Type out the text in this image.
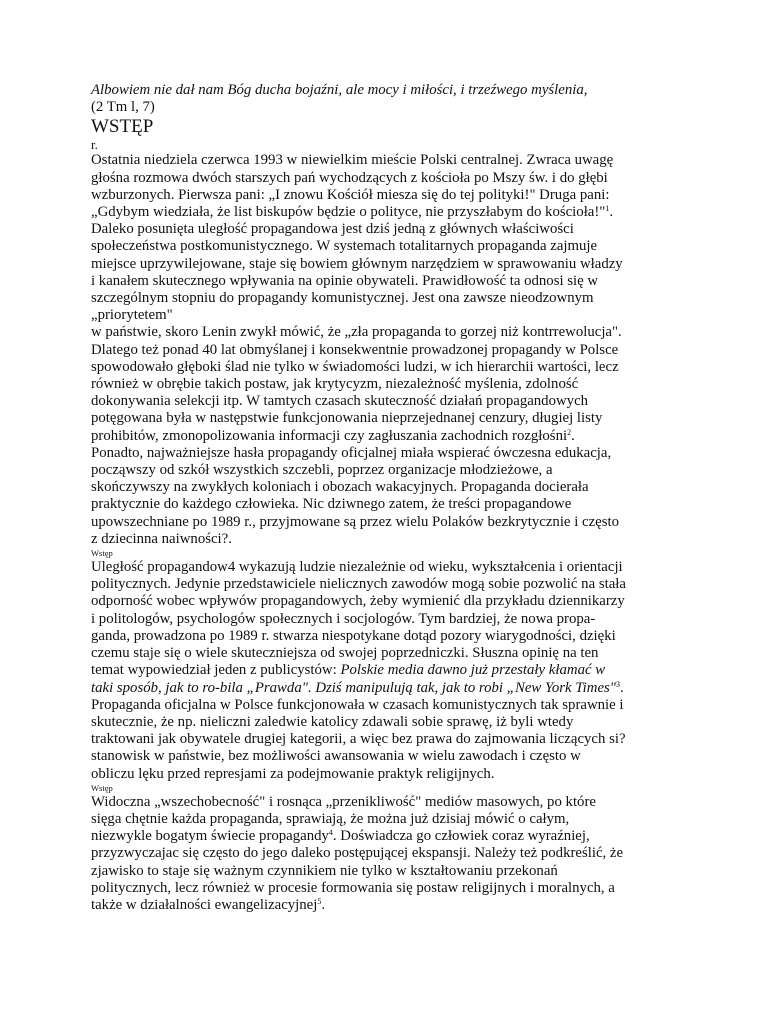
Albowiem nie dał nam Bóg ducha bojaźni, ale mocy i miłości, i trzeźwego myślenia,
(2 Tm l, 7)
WSTĘP
r.
Ostatnia niedziela czerwca 1993 w niewielkim mieście Polski centralnej. Zwraca uwagę
głośna rozmowa dwóch starszych pań wychodzących z kościoła po Mszy św. i do głębi
wzburzonych. Pierwsza pani: „I znowu Kościół miesza się do tej polityki!" Druga pani:
„Gdybym wiedziała, że list biskupów będzie o polityce, nie przyszłabym do kościoła!"$^1$.
Daleko posunięta uległość propagandowa jest dziś jedną z głównych właściwości
społeczeństwa postkomunistycznego. W systemach totalitarnych propaganda zajmuje
miejsce uprzywilejowane, staje się bowiem głównym narzędziem w sprawowaniu władzy
i kanałem skutecznego wpływania na opinie obywateli. Prawidłowość ta odnosi się w
szczególnym stopniu do propagandy komunistycznej. Jest ona zawsze nieodzownym
„priorytetem"
w państwie, skoro Lenin zwykł mówić, że „zła propaganda to gorzej niż kontrrewolucja".
Dlatego też ponad 40 lat obmyślanej i konsekwentnie prowadzonej propagandy w Polsce
spowodowało głęboki ślad nie tylko w świadomości ludzi, w ich hierarchii wartości, lecz
również w obrębie takich postaw, jak krytycyzm, niezależność myślenia, zdolność
dokonywania selekcji itp. W tamtych czasach skuteczność działań propagandowych
potęgowana była w następstwie funkcjonowania nieprzejednanej cenzury, długiej listy
prohibitów, zmonopolizowania informacji czy zagłuszania zachodnich rozgłośni$^2$.
Ponadto, najważniejsze hasła propagandy oficjalnej miała wspierać ówczesna edukacja,
począwszy od szkół wszystkich szczebli, poprzez organizacje młodzieżowe, a
skończywszy na zwykłych koloniach i obozach wakacyjnych. Propaganda docierała
praktycznie do każdego człowieka. Nic dziwnego zatem, że treści propagandowe
upowszechniane po 1989 r., przyjmowane są przez wielu Polaków bezkrytycznie i często
z dziecinna naiwności?.
Wstęp
Uległość propagandow4 wykazują ludzie niezależnie od wieku, wykształcenia i orientacji
politycznych. Jedynie przedstawiciele nielicznych zawodów mogą sobie pozwolić na stała
odporność wobec wpływów propagandowych, żeby wymienić dla przykładu dziennikarzy
i politologów, psychologów społecznych i socjologów. Tym bardziej, że nowa propa-
ganda, prowadzona po 1989 r. stwarza niespotykane dotąd pozory wiarygodności, dzięki
czemu staje się o wiele skuteczniejsza od swojej poprzedniczki. Słuszna opinię na ten
temat wypowiedział jeden z publicystów: Polskie media dawno już przestały kłamać w
taki sposób, jak to ro-bila „Prawda". Dziś manipulują tak, jak to robi „New York Times"$^3$.
Propaganda oficjalna w Polsce funkcjonowała w czasach komunistycznych tak sprawnie i
skutecznie, że np. nieliczni zaledwie katolicy zdawali sobie sprawę, iż byli wtedy
traktowani jak obywatele drugiej kategorii, a więc bez prawa do zajmowania liczących si?
stanowisk w państwie, bez możliwości awansowania w wielu zawodach i często w
obliczu lęku przed represjami za podejmowanie praktyk religijnych.
Wstęp
Widoczna „wszechobecność" i rosnąca „przenikliwość" mediów masowych, po które
sięga chętnie każda propaganda, sprawiają, że można już dzisiaj mówić o całym,
niezwykle bogatym świecie propagandy$^4$. Doświadcza go człowiek coraz wyraźniej,
przyzwyczajac się często do jego daleko postępującej ekspansji. Należy też podkreślić, że
zjawisko to staje się ważnym czynnikiem nie tylko w kształtowaniu przekonań
politycznych, lecz również w procesie formowania się postaw religijnych i moralnych, a
także w działalności ewangelizacyjnej$^5$.
